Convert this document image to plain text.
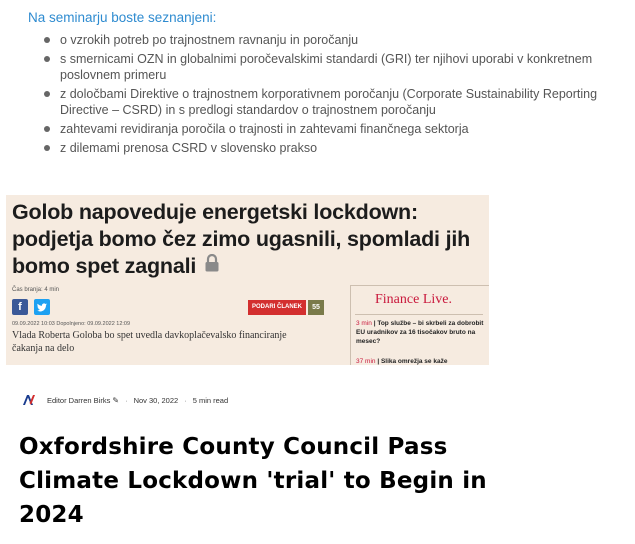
Na seminarju boste seznanjeni:
o vzrokih potreb po trajnostnem ravnanju in poročanju
s smernicami OZN in globalnimi poročevalskimi standardi (GRI) ter njihovi uporabi v konkretnem poslovnem primeru
z določbami Direktive o trajnostnem korporativnem poročanju (Corporate Sustainability Reporting Directive – CSRD) in s predlogi standardov o trajnostnem poročanju
zahtevami revidiranja poročila o trajnosti in zahtevami finančnega sektorja
z dilemami prenosa CSRD v slovensko prakso
Golob napoveduje energetski lockdown: podjetja bomo čez zimo ugasnili, spomladi jih bomo spet zagnali
Čas branja: 4 min
f
09.09.2022 10:03 Dopolnjeno: 09.09.2022 12:09
Vlada Roberta Goloba bo spet uvedla davkoplačevalsko financiranje čakanja na delo
PODARI ČLANEK	55
Finance Live.
3 min | Top službe – bi skrbeli za dobrobit EU uradnikov za 16 tisočakov bruto na mesec?
37 min | Slika omrežja se kaže
Editor Darren Birks ✎ · Nov 30, 2022 · 5 min read
Oxfordshire County Council Pass Climate Lockdown 'trial' to Begin in 2024
